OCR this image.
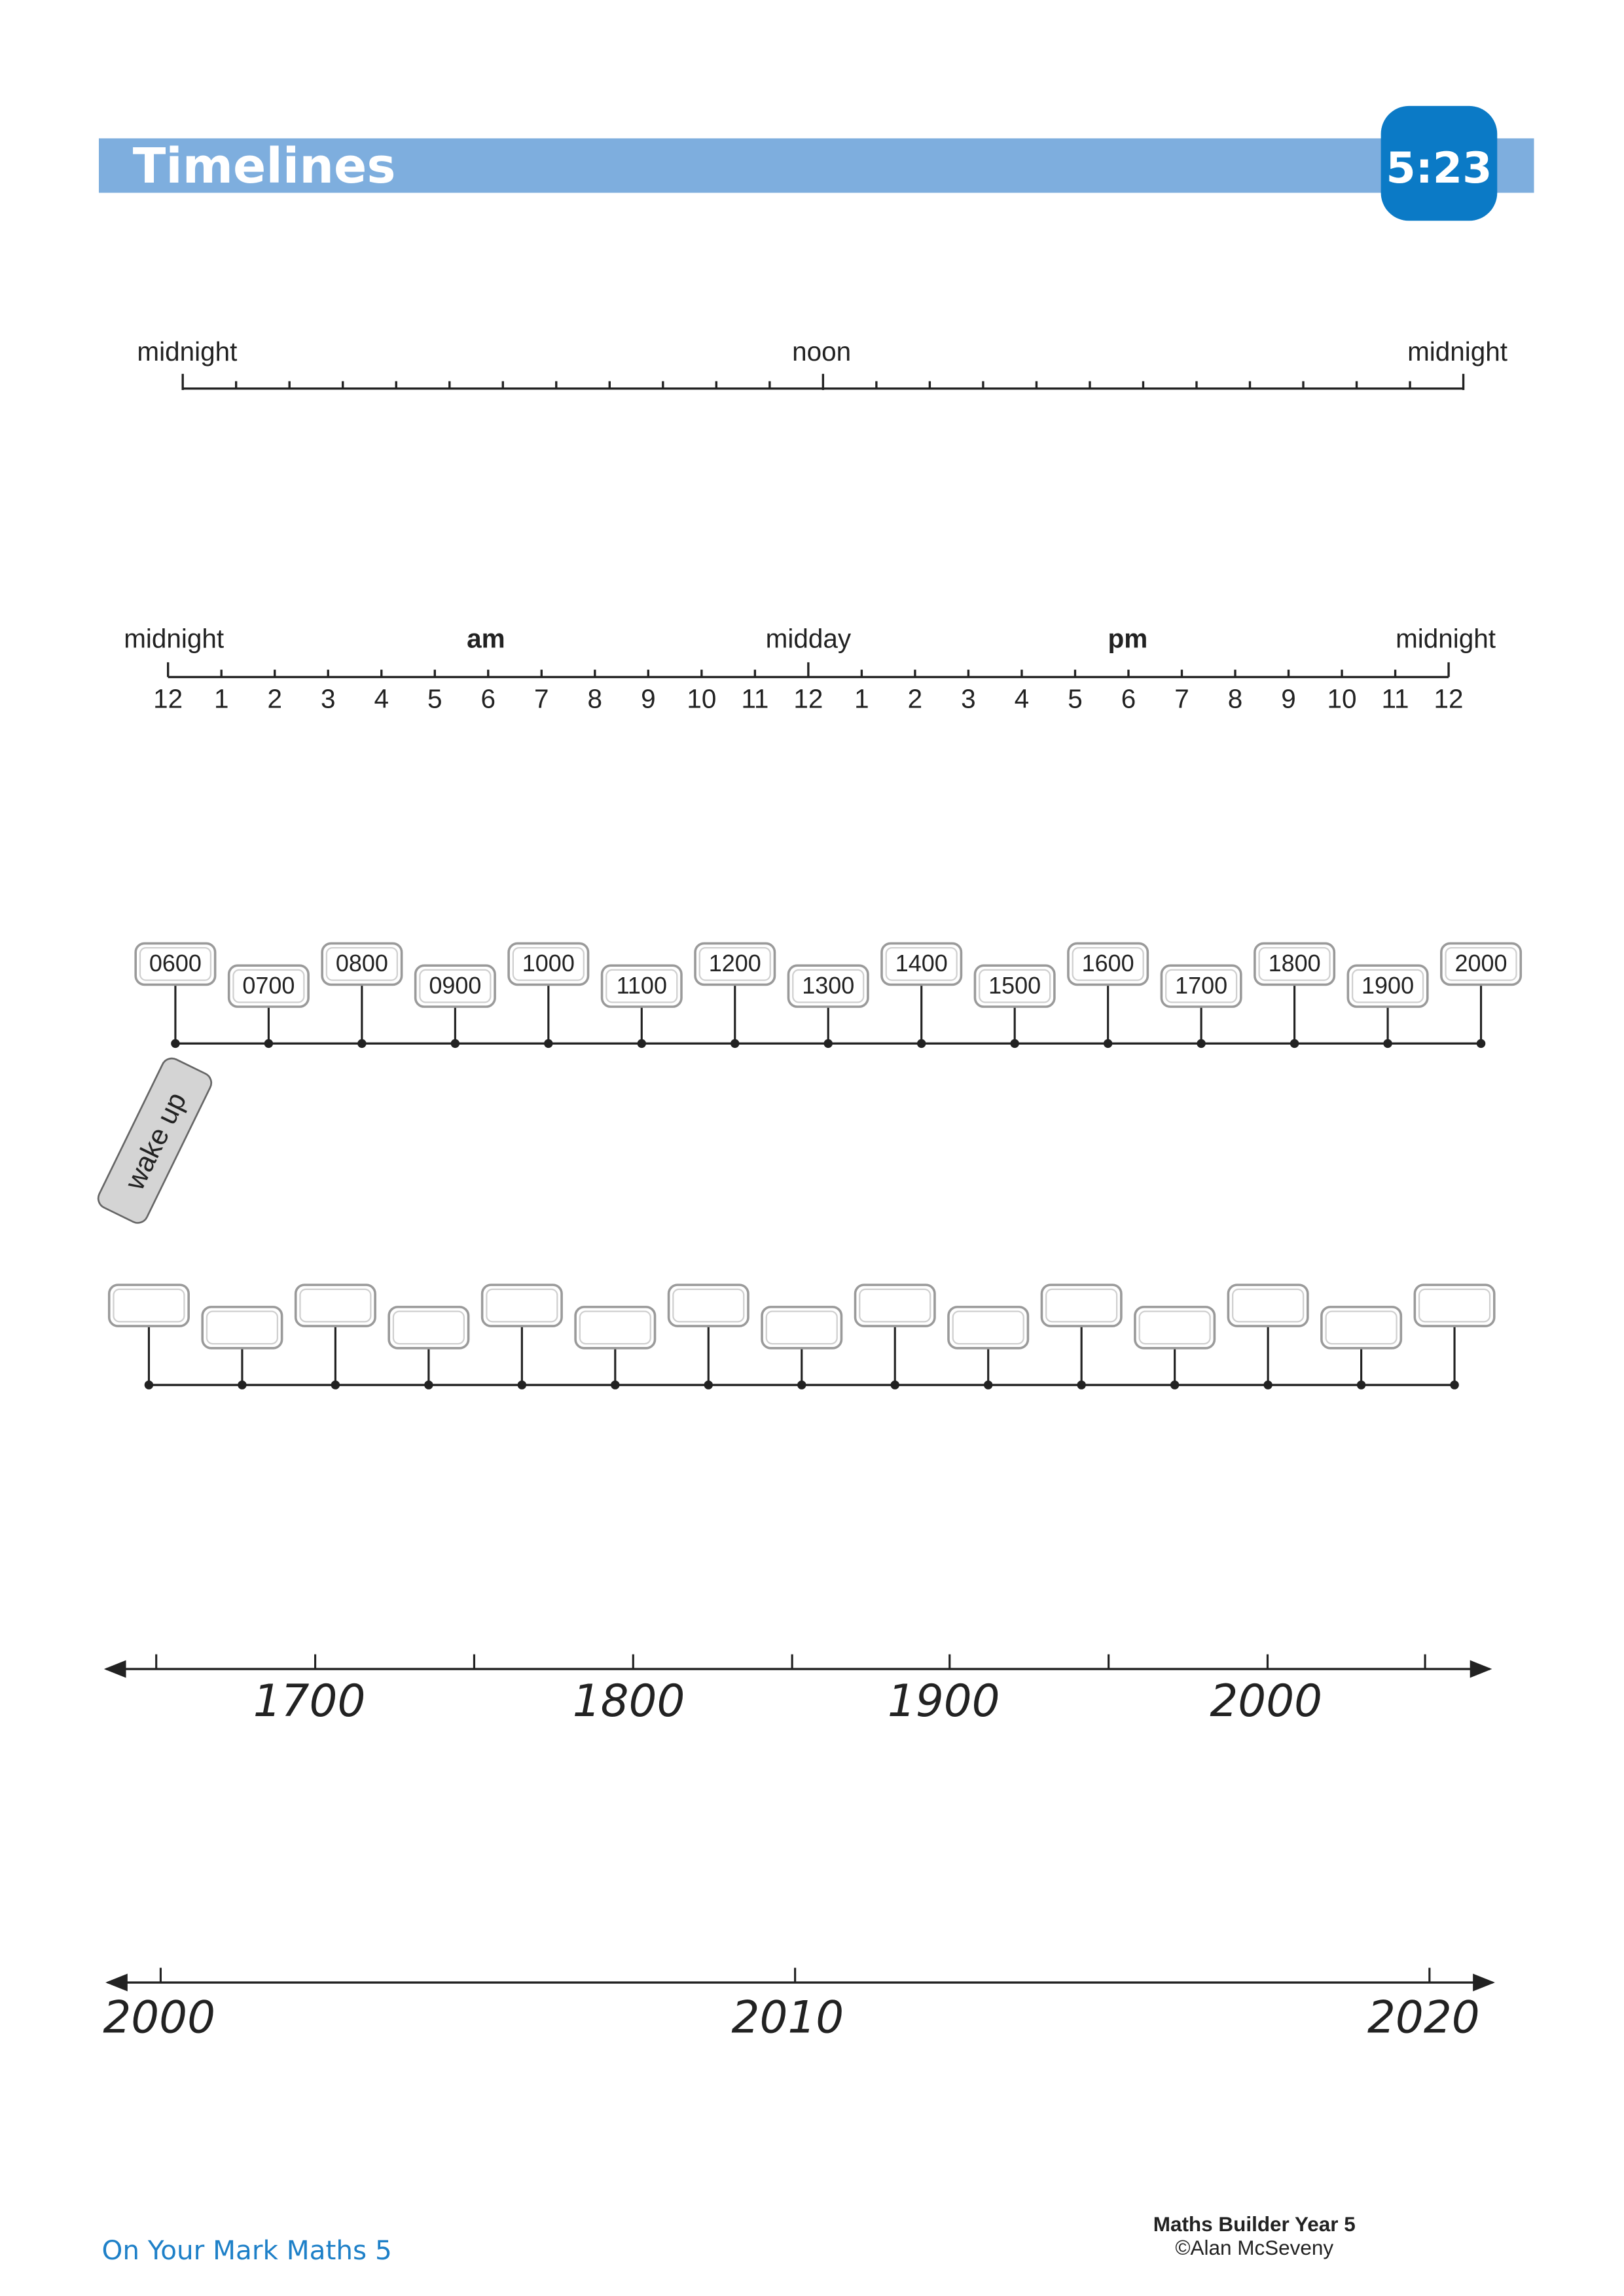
Timelines	5:23
midnight	noon	midnight
midnight	am	midday	pm	midnight
12	1	2	3	4	5	6	7	8	9	10 11 12	1	2	3	4	5	6	7	8	9	10 11 12
0600
0700
0800
0900
1000
1100
1200
1300
1400
1500
1600
1700
1800
1900
2000
wake up
1700	1800	1900	2000
2000	2010	2020
On Your Mark Maths 5
Maths Builder Year 5
©Alan McSeveny
